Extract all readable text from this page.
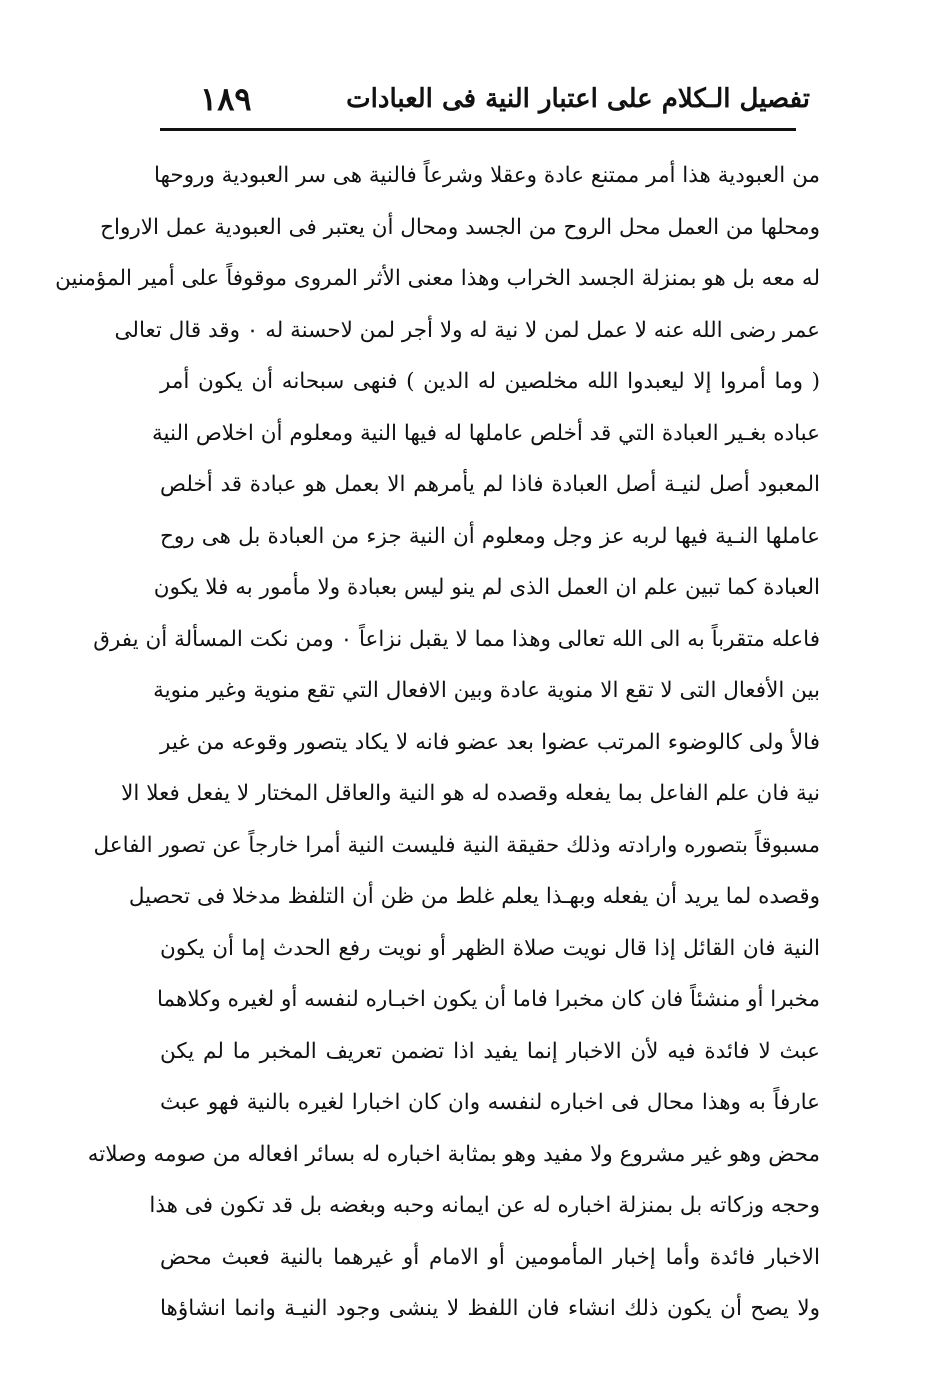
تفصيل الـكلام على اعتبار النية فى العبادات
١٨٩
من العبودية هذا أمر ممتنع عادة وعقلا وشرعاً فالنية هى سر العبودية وروحها
ومحلها من العمل محل الروح من الجسد ومحال أن يعتبر فى العبودية عمل الارواح
له معه بل هو بمنزلة الجسد الخراب وهذا معنى الأثر المروى موقوفاً على أمير المؤمنين
عمر رضى الله عنه لا عمل لمن لا نية له ولا أجر لمن لاحسنة له ٠ وقد قال تعالى
( وما أمروا إلا ليعبدوا الله مخلصين له الدين ) فنهى سبحانه أن يكون أمر
عباده بغـير العبادة التي قد أخلص عاملها له فيها النية ومعلوم أن اخلاص النية
المعبود أصل لنيـة أصل العبادة فاذا لم يأمرهم الا بعمل هو عبادة قد أخلص
عاملها النـية فيها لربه عز وجل ومعلوم أن النية جزء من العبادة بل هى روح
العبادة كما تبين علم ان العمل الذى لم ينو ليس بعبادة ولا مأمور به فلا يكون
فاعله متقرباً به الى الله تعالى وهذا مما لا يقبل نزاعاً ٠ ومن نكت المسألة أن يفرق
بين الأفعال التى لا تقع الا منوية عادة وبين الافعال التي تقع منوية وغير منوية
فالأ ولى كالوضوء المرتب عضوا بعد عضو فانه لا يكاد يتصور وقوعه من غير
نية فان علم الفاعل بما يفعله وقصده له هو النية والعاقل المختار لا يفعل فعلا الا
مسبوقاً بتصوره وارادته وذلك حقيقة النية فليست النية أمرا خارجاً عن تصور الفاعل
وقصده لما يريد أن يفعله وبهـذا يعلم غلط من ظن أن التلفظ مدخلا فى تحصيل
النية فان القائل إذا قال نويت صلاة الظهر أو نويت رفع الحدث إما أن يكون
مخبرا أو منشئاً فان كان مخبرا فاما أن يكون اخبـاره لنفسه أو لغيره وكلاهما
عبث لا فائدة فيه لأن الاخبار إنما يفيد اذا تضمن تعريف المخبر ما لم يكن
عارفاً به وهذا محال فى اخباره لنفسه وان كان اخبارا لغيره بالنية فهو عبث
محض وهو غير مشروع ولا مفيد وهو بمثابة اخباره له بسائر افعاله من صومه وصلاته
وحجه وزكاته بل بمنزلة اخباره له عن ايمانه وحبه وبغضه بل قد تكون فى هذا
الاخبار فائدة وأما إخبار المأمومين أو الامام أو غيرهما بالنية فعبث محض
ولا يصح أن يكون ذلك انشاء فان اللفظ لا ينشى وجود النيـة وانما انشاؤها
